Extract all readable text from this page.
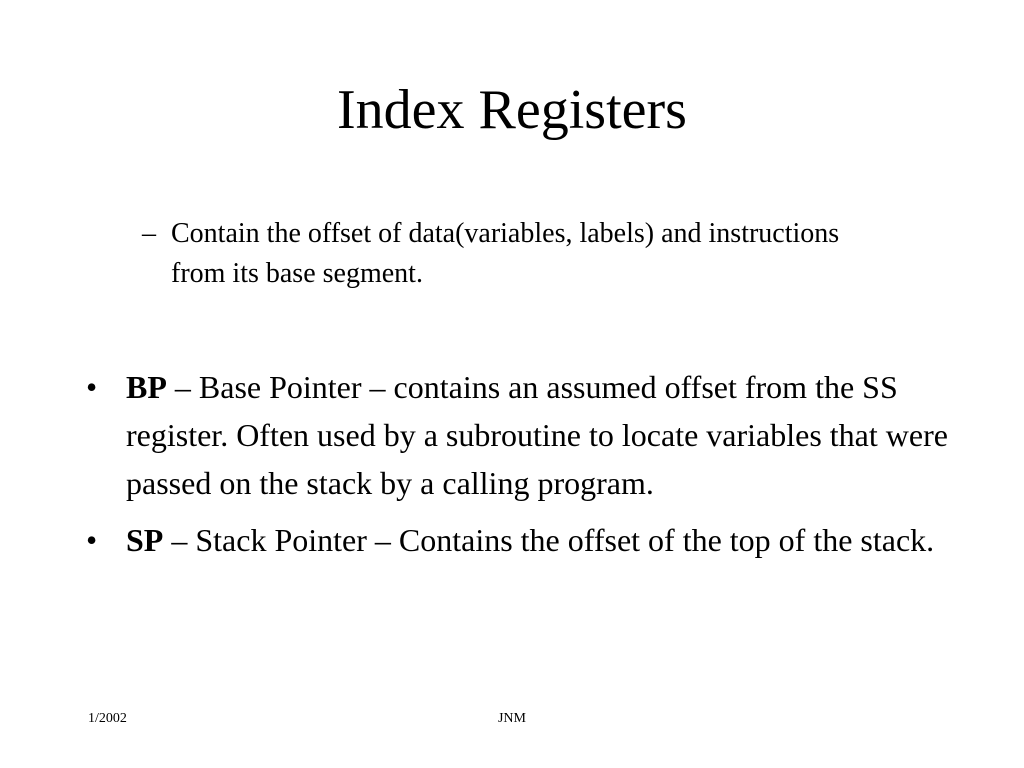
Index Registers
– Contain the offset of data(variables, labels) and instructions from its base segment.
• BP – Base Pointer – contains an assumed offset from the SS register. Often used by a subroutine to locate variables that were passed on the stack by a calling program.
• SP – Stack Pointer – Contains the offset of the top of the stack.
1/2002	JNM
